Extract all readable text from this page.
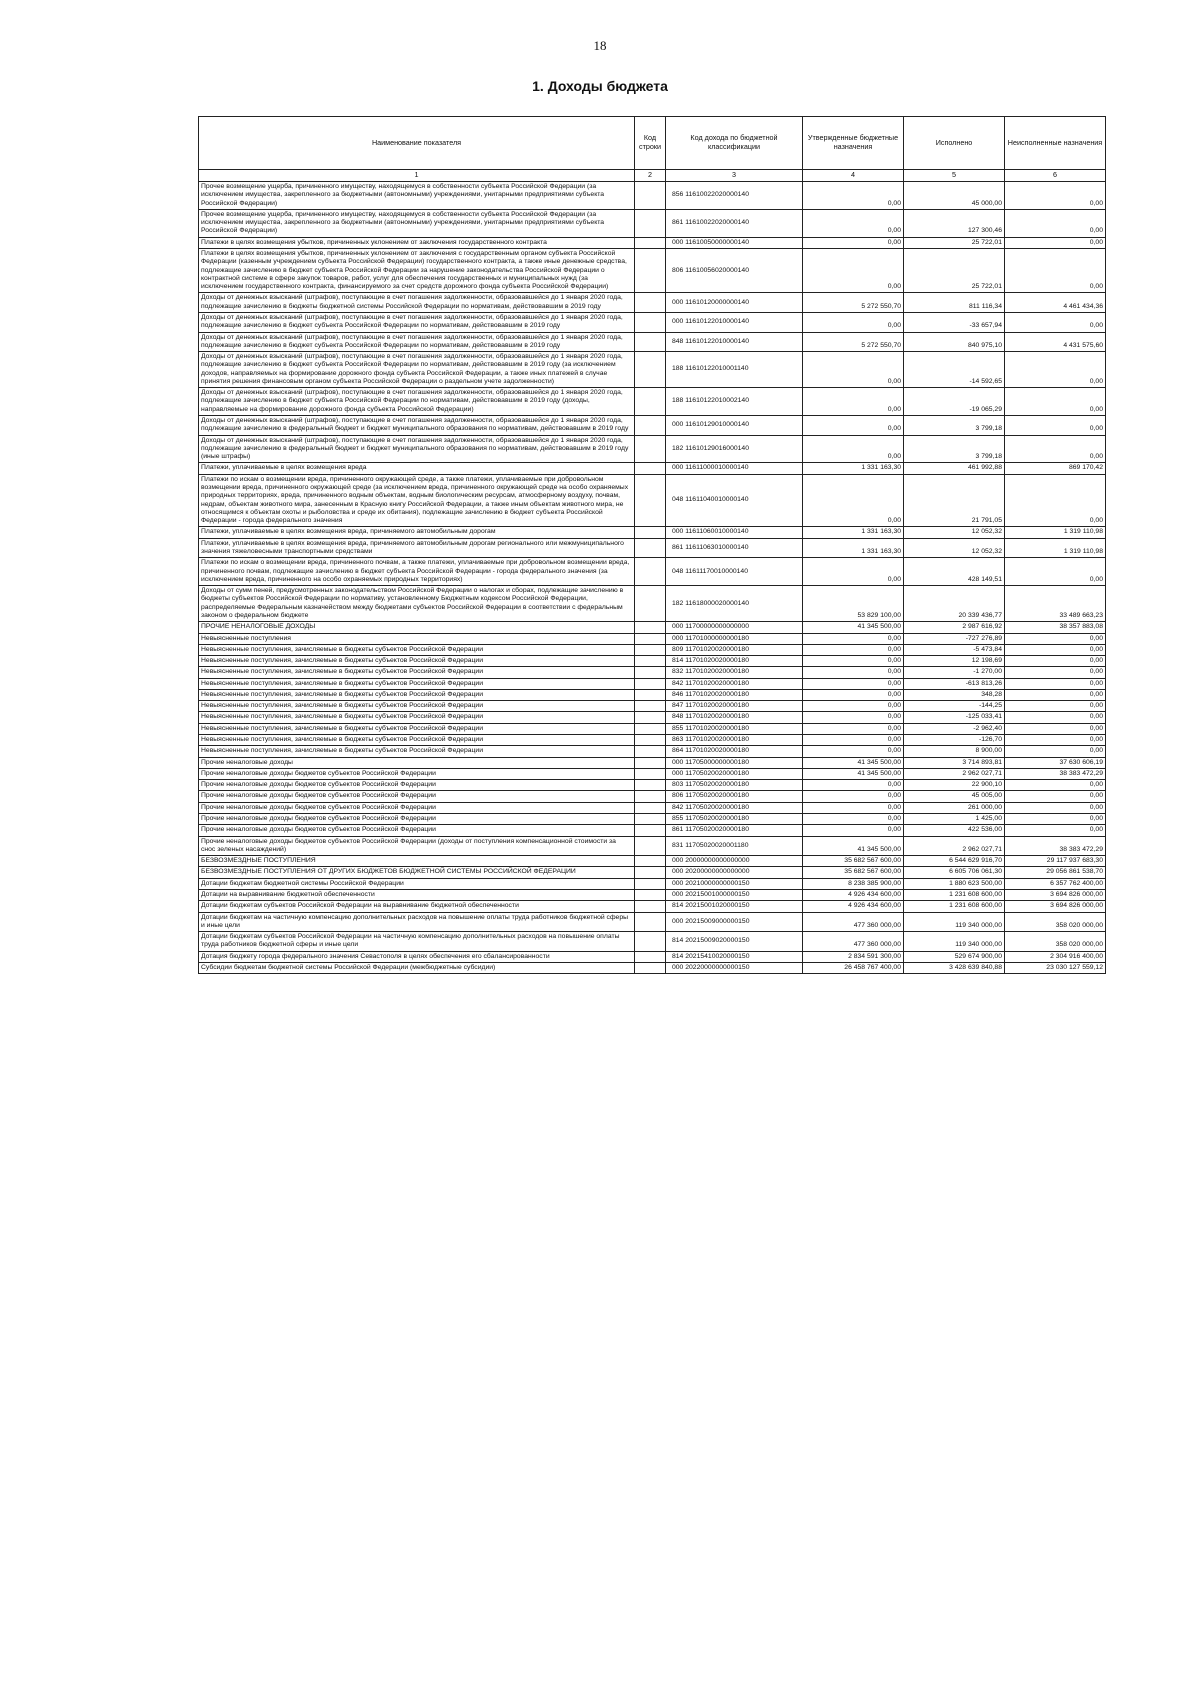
18
1. Доходы бюджета
Наименование показателя	Код строки	Код дохода по бюджетной классификации	Утвержденные бюджетные назначения	Исполнено	Неисполненные назначения
1	2	3	4	5	6
Прочее возмещение ущерба, причиненного имуществу, находящемуся в собственности субъекта Российской Федерации (за исключением имущества, закрепленного за бюджетными (автономными) учреждениями, унитарными предприятиями субъекта Российской Федерации)		856 11610022020000140	0,00	45 000,00	0,00
Прочее возмещение ущерба, причиненного имуществу, находящемуся в собственности субъекта Российской Федерации (за исключением имущества, закрепленного за бюджетными (автономными) учреждениями, унитарными предприятиями субъекта Российской Федерации)		861 11610022020000140	0,00	127 300,46	0,00
Платежи в целях возмещения убытков, причиненных уклонением от заключения государственного контракта		000 11610050000000140	0,00	25 722,01	0,00
Платежи в целях возмещения убытков, причиненных уклонением от заключения с государственным органом субъекта Российской Федерации (казенным учреждением субъекта Российской Федерации) государственного контракта, а также иные денежные средства, подлежащие зачислению в бюджет субъекта Российской Федерации за нарушение законодательства Российской Федерации о контрактной системе в сфере закупок товаров, работ, услуг для обеспечения государственных и муниципальных нужд (за исключением государственного контракта, финансируемого за счет средств дорожного фонда субъекта Российской Федерации)		806 11610056020000140	0,00	25 722,01	0,00
Доходы от денежных взысканий (штрафов), поступающие в счет погашения задолженности, образовавшейся до 1 января 2020 года, подлежащие зачислению в бюджеты бюджетной системы Российской Федерации по нормативам, действовавшим в 2019 году		000 11610120000000140	5 272 550,70	811 116,34	4 461 434,36
Доходы от денежных взысканий (штрафов), поступающие в счет погашения задолженности, образовавшейся до 1 января 2020 года, подлежащие зачислению в бюджет субъекта Российской Федерации по нормативам, действовавшим в 2019 году		000 11610122010000140	0,00	-33 657,94	0,00
Доходы от денежных взысканий (штрафов), поступающие в счет погашения задолженности, образовавшейся до 1 января 2020 года, подлежащие зачислению в бюджет субъекта Российской Федерации по нормативам, действовавшим в 2019 году		848 11610122010000140	5 272 550,70	840 975,10	4 431 575,60
Доходы от денежных взысканий (штрафов), поступающие в счет погашения задолженности, образовавшейся до 1 января 2020 года, подлежащие зачислению в бюджет субъекта Российской Федерации по нормативам, действовавшим в 2019 году (за исключением доходов, направляемых на формирование дорожного фонда субъекта Российской Федерации, а также иных платежей в случае принятия решения финансовым органом субъекта Российской Федерации о раздельном учете задолженности)		188 11610122010001140	0,00	-14 592,65	0,00
Доходы от денежных взысканий (штрафов), поступающие в счет погашения задолженности, образовавшейся до 1 января 2020 года, подлежащие зачислению в бюджет субъекта Российской Федерации по нормативам, действовавшим в 2019 году (доходы, направляемые на формирование дорожного фонда субъекта Российской Федерации)		188 11610122010002140	0,00	-19 065,29	0,00
Доходы от денежных взысканий (штрафов), поступающие в счет погашения задолженности, образовавшейся до 1 января 2020 года, подлежащие зачислению в федеральный бюджет и бюджет муниципального образования по нормативам, действовавшим в 2019 году		000 11610129010000140	0,00	3 799,18	0,00
Доходы от денежных взысканий (штрафов), поступающие в счет погашения задолженности, образовавшейся до 1 января 2020 года, подлежащие зачислению в федеральный бюджет и бюджет муниципального образования по нормативам, действовавшим в 2019 году (иные штрафы)		182 11610129016000140	0,00	3 799,18	0,00
Платежи, уплачиваемые в целях возмещения вреда		000 11611000010000140	1 331 163,30	461 992,88	869 170,42
Платежи по искам о возмещении вреда, причиненного окружающей среде, а также платежи, уплачиваемые при добровольном возмещении вреда, причиненного окружающей среде (за исключением вреда, причиненного окружающей среде на особо охраняемых природных территориях, вреда, причиненного водным объектам, водным биологическим ресурсам, атмосферному воздуху, почвам, недрам, объектам животного мира, занесенным в Красную книгу Российской Федерации, а также иным объектам животного мира, не относящимся к объектам охоты и рыболовства и среде их обитания), подлежащие зачислению в бюджет субъекта Российской Федерации - города федерального значения		048 11611040010000140	0,00	21 791,05	0,00
Платежи, уплачиваемые в целях возмещения вреда, причиняемого автомобильным дорогам		000 11611060010000140	1 331 163,30	12 052,32	1 319 110,98
Платежи, уплачиваемые в целях возмещения вреда, причиняемого автомобильным дорогам регионального или межмуниципального значения тяжеловесными транспортными средствами		861 11611063010000140	1 331 163,30	12 052,32	1 319 110,98
Платежи по искам о возмещении вреда, причиненного почвам, а также платежи, уплачиваемые при добровольном возмещении вреда, причиненного почвам, подлежащие зачислению в бюджет субъекта Российской Федерации - города федерального значения (за исключением вреда, причиненного на особо охраняемых природных территориях)		048 11611170010000140	0,00	428 149,51	0,00
Доходы от сумм пеней, предусмотренных законодательством Российской Федерации о налогах и сборах, подлежащие зачислению в бюджеты субъектов Российской Федерации по нормативу, установленному Бюджетным кодексом Российской Федерации, распределяемые Федеральным казначейством между бюджетами субъектов Российской Федерации в соответствии с федеральным законом о федеральном бюджете		182 11618000020000140	53 829 100,00	20 339 436,77	33 489 663,23
ПРОЧИЕ НЕНАЛОГОВЫЕ ДОХОДЫ		000 11700000000000000	41 345 500,00	2 987 616,92	38 357 883,08
Невыясненные поступления		000 11701000000000180	0,00	-727 276,89	0,00
Невыясненные поступления, зачисляемые в бюджеты субъектов Российской Федерации		809 11701020020000180	0,00	-5 473,84	0,00
Невыясненные поступления, зачисляемые в бюджеты субъектов Российской Федерации		814 11701020020000180	0,00	12 198,69	0,00
Невыясненные поступления, зачисляемые в бюджеты субъектов Российской Федерации		832 11701020020000180	0,00	-1 270,00	0,00
Невыясненные поступления, зачисляемые в бюджеты субъектов Российской Федерации		842 11701020020000180	0,00	-613 813,26	0,00
Невыясненные поступления, зачисляемые в бюджеты субъектов Российской Федерации		846 11701020020000180	0,00	348,28	0,00
Невыясненные поступления, зачисляемые в бюджеты субъектов Российской Федерации		847 11701020020000180	0,00	-144,25	0,00
Невыясненные поступления, зачисляемые в бюджеты субъектов Российской Федерации		848 11701020020000180	0,00	-125 033,41	0,00
Невыясненные поступления, зачисляемые в бюджеты субъектов Российской Федерации		855 11701020020000180	0,00	-2 962,40	0,00
Невыясненные поступления, зачисляемые в бюджеты субъектов Российской Федерации		863 11701020020000180	0,00	-126,70	0,00
Невыясненные поступления, зачисляемые в бюджеты субъектов Российской Федерации		864 11701020020000180	0,00	8 900,00	0,00
Прочие неналоговые доходы		000 11705000000000180	41 345 500,00	3 714 893,81	37 630 606,19
Прочие неналоговые доходы бюджетов субъектов Российской Федерации		000 11705020020000180	41 345 500,00	2 962 027,71	38 383 472,29
Прочие неналоговые доходы бюджетов субъектов Российской Федерации		803 11705020020000180	0,00	22 900,10	0,00
Прочие неналоговые доходы бюджетов субъектов Российской Федерации		806 11705020020000180	0,00	45 005,00	0,00
Прочие неналоговые доходы бюджетов субъектов Российской Федерации		842 11705020020000180	0,00	261 000,00	0,00
Прочие неналоговые доходы бюджетов субъектов Российской Федерации		855 11705020020000180	0,00	1 425,00	0,00
Прочие неналоговые доходы бюджетов субъектов Российской Федерации		861 11705020020000180	0,00	422 536,00	0,00
Прочие неналоговые доходы бюджетов субъектов Российской Федерации (доходы от поступления компенсационной стоимости за снос зеленых насаждений)		831 11705020020001180	41 345 500,00	2 962 027,71	38 383 472,29
БЕЗВОЗМЕЗДНЫЕ ПОСТУПЛЕНИЯ		000 20000000000000000	35 682 567 600,00	6 544 629 916,70	29 117 937 683,30
БЕЗВОЗМЕЗДНЫЕ ПОСТУПЛЕНИЯ ОТ ДРУГИХ БЮДЖЕТОВ БЮДЖЕТНОЙ СИСТЕМЫ РОССИЙСКОЙ ФЕДЕРАЦИИ		000 20200000000000000	35 682 567 600,00	6 605 706 061,30	29 056 861 538,70
Дотации бюджетам бюджетной системы Российской Федерации		000 20210000000000150	8 238 385 900,00	1 880 623 500,00	6 357 762 400,00
Дотации на выравнивание бюджетной обеспеченности		000 20215001000000150	4 926 434 600,00	1 231 608 600,00	3 694 826 000,00
Дотации бюджетам субъектов Российской Федерации на выравнивание бюджетной обеспеченности		814 20215001020000150	4 926 434 600,00	1 231 608 600,00	3 694 826 000,00
Дотации бюджетам на частичную компенсацию дополнительных расходов на повышение оплаты труда работников бюджетной сферы и иные цели		000 20215009000000150	477 360 000,00	119 340 000,00	358 020 000,00
Дотации бюджетам субъектов Российской Федерации на частичную компенсацию дополнительных расходов на повышение оплаты труда работников бюджетной сферы и иные цели		814 20215009020000150	477 360 000,00	119 340 000,00	358 020 000,00
Дотация бюджету города федерального значения Севастополя в целях обеспечения его сбалансированности		814 20215410020000150	2 834 591 300,00	529 674 900,00	2 304 916 400,00
Субсидии бюджетам бюджетной системы Российской Федерации (межбюджетные субсидии)		000 20220000000000150	26 458 767 400,00	3 428 639 840,88	23 030 127 559,12
